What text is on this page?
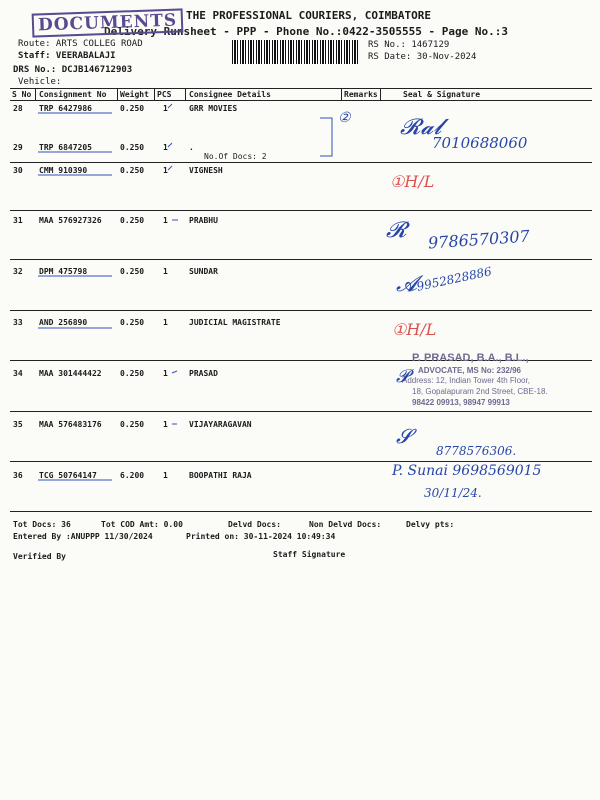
THE PROFESSIONAL COURIERS, COIMBATORE
Delivery Runsheet - PPP - Phone No.:0422-3505555 - Page No.:3
DOCUMENTS
Route: ARTS COLLEG ROAD
Staff: VEERABALAJI
DRS No.: DCJB146712903
Vehicle:
RS No.: 1467129
RS Date: 30-Nov-2024
S No Consignment No Weight PCS Consignee Details	Remarks	Seal & Signature
28 TRP 6427986	0.250 1	GRR MOVIES
29 TRP 6847205	0.250 1	.
No.Of Docs: 2
30 CMM 910390	0.250 1	VIGNESH
31 MAA 576927326 0.250 1	PRABHU
32 DPM 475798	0.250 1	SUNDAR
33 AND 256890	0.250 1	JUDICIAL MAGISTRATE
34 MAA 301444422 0.250 1	PRASAD
35 MAA 576483176 0.250 1	VIJAYARAGAVAN
36 TCG 50764147	6.200 1	BOOPATHI RAJA
② 𝓡𝓪𝓵
7010688060
①H/L
𝓡 9786570307
𝓐
9952828886
①H/L
P. PRASAD, B.A., B.L.,
ADVOCATE, MS No: 232/96
Address: 12, Indian Tower 4th Floor,
18, Gopalapuram 2nd Street, CBE-18.
98422 09913, 98947 99913
𝓟
𝓢
8778576306.
P. Sunai 9698569015
30/11/24.
Tot Docs: 36	Tot COD Amt: 0.00	Delvd Docs:	Non Delvd Docs:	Delvy pts:
Entered By :ANUPPP 11/30/2024	Printed on: 30-11-2024 10:49:34
Verified By	Staff Signature
